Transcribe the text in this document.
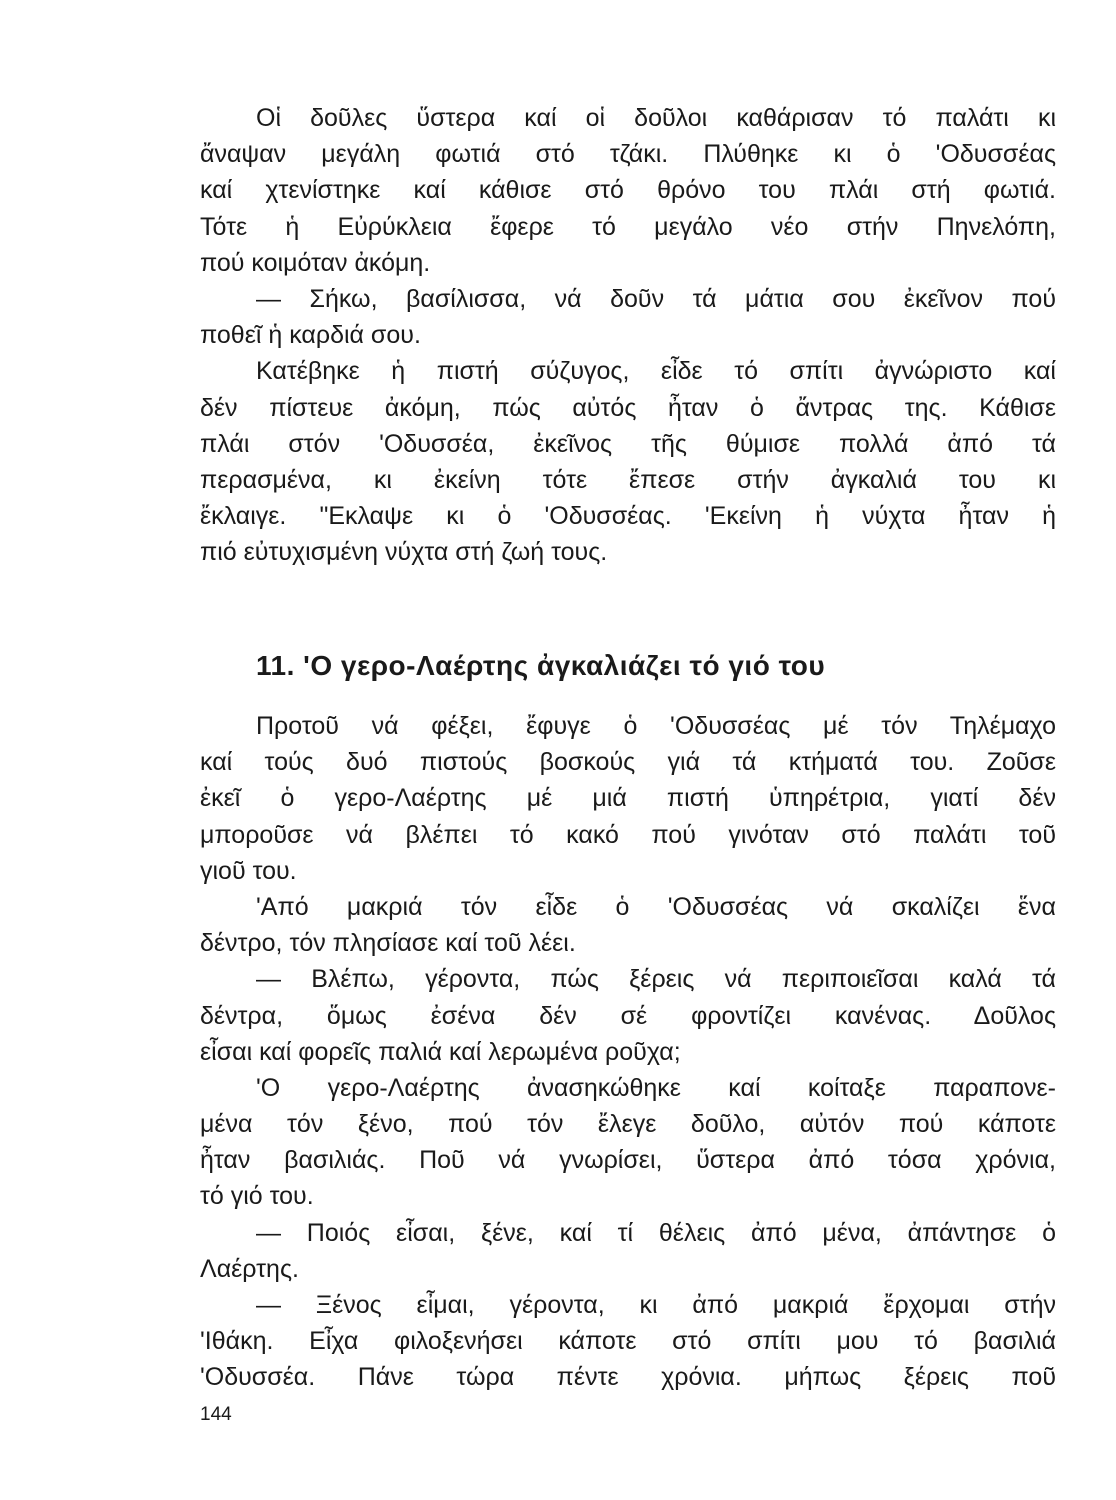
Οἱ δοῦλες ὕστερα καί οἱ δοῦλοι καθάρισαν τό παλάτι κι
ἄναψαν μεγάλη φωτιά στό τζάκι. Πλύθηκε κι ὁ 'Οδυσσέας
καί χτενίστηκε καί κάθισε στό θρόνο του πλάι στή φωτιά.
Τότε ἡ Εὐρύκλεια ἔφερε τό μεγάλο νέο στήν Πηνελόπη,
πού κοιμόταν ἀκόμη.
— Σήκω, βασίλισσα, νά δοῦν τά μάτια σου ἐκεῖνον πού
ποθεῖ ἡ καρδιά σου.
Κατέβηκε ἡ πιστή σύζυγος, εἶδε τό σπίτι ἀγνώριστο καί
δέν πίστευε ἀκόμη, πώς αὐτός ἦταν ὁ ἄντρας της. Κάθισε
πλάι στόν 'Οδυσσέα, ἐκεῖνος τῆς θύμισε πολλά ἀπό τά
περασμένα, κι ἐκείνη τότε ἔπεσε στήν ἀγκαλιά του κι
ἔκλαιγε. "Εκλαψε κι ὁ 'Οδυσσέας. 'Εκείνη ἡ νύχτα ἦταν ἡ
πιό εὐτυχισμένη νύχτα στή ζωή τους.
11. 'Ο γερο-Λαέρτης ἀγκαλιάζει τό γιό του
Προτοῦ νά φέξει, ἔφυγε ὁ 'Οδυσσέας μέ τόν Τηλέμαχο
καί τούς δυό πιστούς βοσκούς γιά τά κτήματά του. Ζοῦσε
ἐκεῖ ὁ γερο-Λαέρτης μέ μιά πιστή ὑπηρέτρια, γιατί δέν
μποροῦσε νά βλέπει τό κακό πού γινόταν στό παλάτι τοῦ
γιοῦ του.
'Από μακριά τόν εἶδε ὁ 'Οδυσσέας νά σκαλίζει ἕνα
δέντρο, τόν πλησίασε καί τοῦ λέει.
— Βλέπω, γέροντα, πώς ξέρεις νά περιποιεῖσαι καλά τά
δέντρα, ὅμως ἐσένα δέν σέ φροντίζει κανένας. Δοῦλος
εἶσαι καί φορεῖς παλιά καί λερωμένα ροῦχα;
'Ο γερο-Λαέρτης ἀνασηκώθηκε καί κοίταξε παραπονε-
μένα τόν ξένο, πού τόν ἔλεγε δοῦλο, αὐτόν πού κάποτε
ἦταν βασιλιάς. Ποῦ νά γνωρίσει, ὕστερα ἀπό τόσα χρόνια,
τό γιό του.
— Ποιός εἶσαι, ξένε, καί τί θέλεις ἀπό μένα, ἀπάντησε ὁ
Λαέρτης.
— Ξένος εἶμαι, γέροντα, κι ἀπό μακριά ἔρχομαι στήν
'Ιθάκη. Εἶχα φιλοξενήσει κάποτε στό σπίτι μου τό βασιλιά
'Οδυσσέα. Πάνε τώρα πέντε χρόνια. μήπως ξέρεις ποῦ
144
